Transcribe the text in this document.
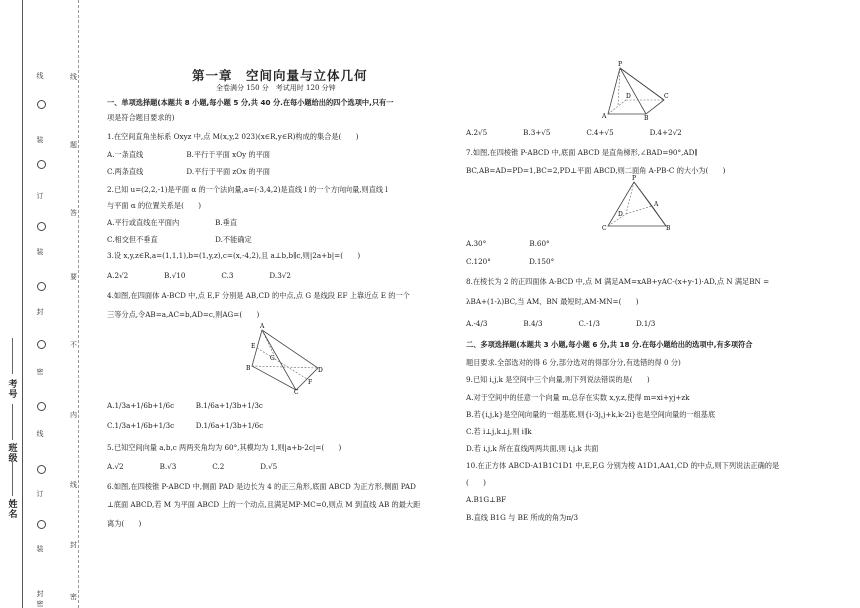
线
装
订
装
封
密
线
订
装
封
密
线
题
答
要
不
内
线
封
密
考号
班级
姓名
第一章　空间向量与立体几何
全卷满分 150 分　考试用时 120 分钟
一、单项选择题(本题共 8 小题,每小题 5 分,共 40 分.在每小题给出的四个选项中,只有一
项是符合题目要求的)
1.在空间直角坐标系 Oxyz 中,点 M(x,y,2 023)(x∈R,y∈R)构成的集合是(　　)
A.一条直线　　　　　　B.平行于平面 xOy 的平面
C.两条直线　　　　　　D.平行于平面 zOx 的平面
2.已知 u=(2,2,-1)是平面 α 的一个法向量,a=(-3,4,2)是直线 l 的一个方向向量,则直线 l
与平面 α 的位置关系是(　　)
A.平行或直线在平面内　　　　　B.垂直
C.相交但不垂直　　　　　　　　D.不能确定
3.设 x,y,z∈R,a=(1,1,1),b=(1,y,z),c=(x,-4,2),且 a⊥b,b∥c,则|2a+b|=(　　)
A.2√2　　　　　B.√10　　　　　C.3　　　　　D.3√2
4.如图,在四面体 A-BCD 中,点 E,F 分别是 AB,CD 的中点,点 G 是线段 EF 上靠近点 E 的一个
三等分点,令AB=a,AC=b,AD=c,则AG=(　　)
A.1/3a+1/6b+1/6c　　　B.1/6a+1/3b+1/3c
C.1/3a+1/6b+1/3c　　　D.1/6a+1/3b+1/6c
5.已知空间向量 a,b,c 两两夹角均为 60°,其模均为 1,则|a+b-2c|=(　　)
A.√2　　　　　B.√3　　　　　C.2　　　　　D.√5
6.如图,在四棱锥 P-ABCD 中,侧面 PAD 是边长为 4 的正三角形,底面 ABCD 为正方形,侧面 PAD
⊥底面 ABCD,若 M 为平面 ABCD 上的一个动点,且满足MP·MC=0,则点 M 到直线 AB 的最大距
离为(　　)
A
E
G
F
B
C
D
A.2√5　　　　　B.3+√5　　　　　C.4+√5　　　　　D.4+2√2
7.如图,在四棱锥 P-ABCD 中,底面 ABCD 是直角梯形,∠BAD=90°,AD∥
BC,AB=AD=PD=1,BC=2,PD⊥平面 ABCD,则二面角 A-PB-C 的大小为(　　)
A.30°　　　　　　B.60°
C.120°　　　　　 D.150°
8.在棱长为 2 的正四面体 A-BCD 中,点 M 满足AM=xAB+yAC-(x+y-1)·AD,点 N 满足BN =
λBA+(1-λ)BC,当 AM、BN 最短时,AM·MN=(　　)
A.-4/3　　　　　B.4/3　　　　　C.-1/3　　　　　D.1/3
二、多项选择题(本题共 3 小题,每小题 6 分,共 18 分.在每小题给出的选项中,有多项符合
题目要求.全部选对的得 6 分,部分选对的得部分分,有选错的得 0 分)
9.已知 i,j,k 是空间中三个向量,则下列说法错误的是(　　)
A.对于空间中的任意一个向量 m,总存在实数 x,y,z,使得 m=xi+yj+zk
B.若{i,j,k}是空间向量的一组基底,则{i-3j,j+k,k-2i}也是空间向量的一组基底
C.若 i⊥j,k⊥j,则 i∥k
D.若 i,j,k 所在直线两两共面,则 i,j,k 共面
10.在正方体 ABCD-A1B1C1D1 中,E,F,G 分别为棱 A1D1,AA1,CD 的中点,则下列说法正确的是
(　　)
A.B1G⊥BF
B.直线 B1G 与 BE 所成的角为π/3
P
D
A	B
C
P
D
A
C	B
